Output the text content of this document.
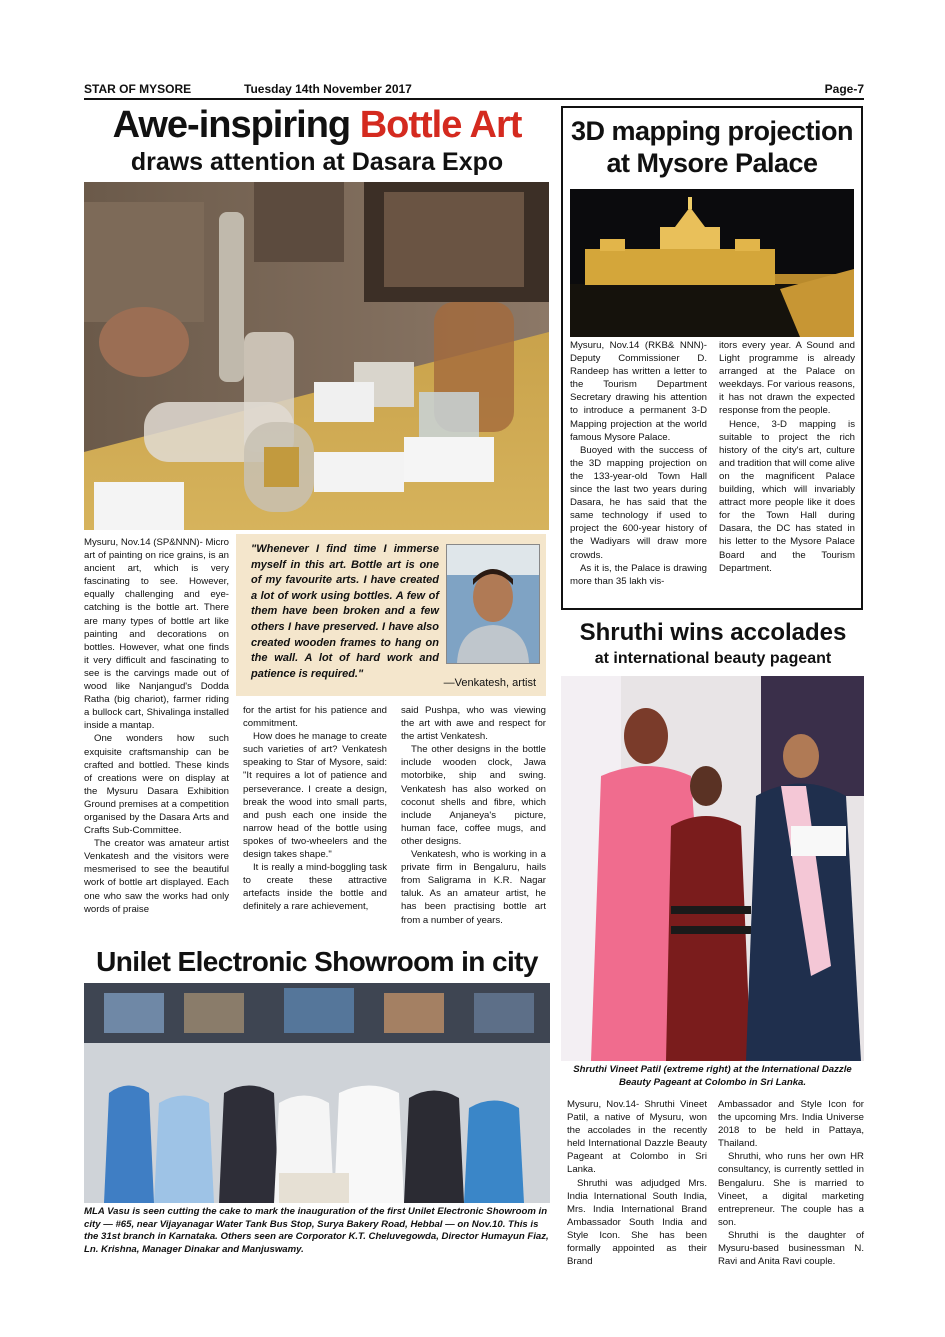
STAR OF MYSORE	Tuesday 14th November 2017	Page-7
Awe-inspiring Bottle Art
draws attention at Dasara Expo

Mysuru, Nov.14 (SP&NNN)- Micro art of painting on rice grains, is an ancient art, which is very fascinating to see. However, equally challenging and eye-catching is the bottle art. There are many types of bottle art like painting and decorations on bottles. However, what one finds it very difficult and fascinating to see is the carvings made out of wood like Nanjangud's Dodda Ratha (big chariot), farmer riding a bullock cart, Shivalinga installed inside a mantap.

One wonders how such exquisite craftsmanship can be crafted and bottled. These kinds of creations were on display at the Mysuru Dasara Exhibition Ground premises at a competition organised by the Dasara Arts and Crafts Sub-Committee.

The creator was amateur artist Venkatesh and the visitors were mesmerised to see the beautiful work of bottle art displayed. Each one who saw the works had only words of praise

"Whenever I find time I immerse myself in this art. Bottle art is one of my favourite arts. I have created a lot of work using bottles. A few of them have been broken and a few others I have preserved. I have also created wooden frames to hang on the wall. A lot of hard work and patience is required."
—Venkatesh, artist

for the artist for his patience and commitment.

How does he manage to create such varieties of art? Venkatesh speaking to Star of Mysore, said: "It requires a lot of patience and perseverance. I create a design, break the wood into small parts, and push each one inside the narrow head of the bottle using spokes of two-wheelers and the design takes shape."

It is really a mind-boggling task to create these attractive artefacts inside the bottle and definitely a rare achievement,

said Pushpa, who was viewing the art with awe and respect for the artist Venkatesh.

The other designs in the bottle include wooden clock, Jawa motorbike, ship and swing. Venkatesh has also worked on coconut shells and fibre, which include Anjaneya's picture, human face, coffee mugs, and other designs.

Venkatesh, who is working in a private firm in Bengaluru, hails from Saligrama in K.R. Nagar taluk. As an amateur artist, he has been practising bottle art from a number of years.

3D mapping projection
at Mysore Palace

Mysuru, Nov.14 (RKB& NNN)- Deputy Commissioner D. Randeep has written a letter to the Tourism Department Secretary drawing his attention to introduce a permanent 3-D Mapping projection at the world famous Mysore Palace.

Buoyed with the success of the 3D mapping projection on the 133-year-old Town Hall since the last two years during Dasara, he has said that the same technology if used to project the 600-year history of the Wadiyars will draw more crowds.

As it is, the Palace is drawing more than 35 lakh vis-

itors every year. A Sound and Light programme is already arranged at the Palace on weekdays. For various reasons, it has not drawn the expected response from the people.

Hence, 3-D mapping is suitable to project the rich history of the city's art, culture and tradition that will come alive on the magnificent Palace building, which will invariably attract more people like it does for the Town Hall during Dasara, the DC has stated in his letter to the Mysore Palace Board and the Tourism Department.

Shruthi wins accolades
at international beauty pageant
Shruthi Vineet Patil (extreme right) at the International Dazzle Beauty Pageant at Colombo in Sri Lanka.

Mysuru, Nov.14- Shruthi Vineet Patil, a native of Mysuru, won the accolades in the recently held International Dazzle Beauty Pageant at Colombo in Sri Lanka.

Shruthi was adjudged Mrs. India International South India, Mrs. India International Brand Ambassador South India and Style Icon. She has been formally appointed as their Brand

Ambassador and Style Icon for the upcoming Mrs. India Universe 2018 to be held in Pattaya, Thailand.

Shruthi, who runs her own HR consultancy, is currently settled in Bengaluru. She is married to Vineet, a digital marketing entrepreneur. The couple has a son.

Shruthi is the daughter of Mysuru-based businessman N. Ravi and Anita Ravi couple.

Unilet Electronic Showroom in city
MLA Vasu is seen cutting the cake to mark the inauguration of the first Unilet Electronic Showroom in city — #65, near Vijayanagar Water Tank Bus Stop, Surya Bakery Road, Hebbal — on Nov.10. This is the 31st branch in Karnataka. Others seen are Corporator K.T. Cheluvegowda, Director Humayun Fiaz, Ln. Krishna, Manager Dinakar and Manjuswamy.
